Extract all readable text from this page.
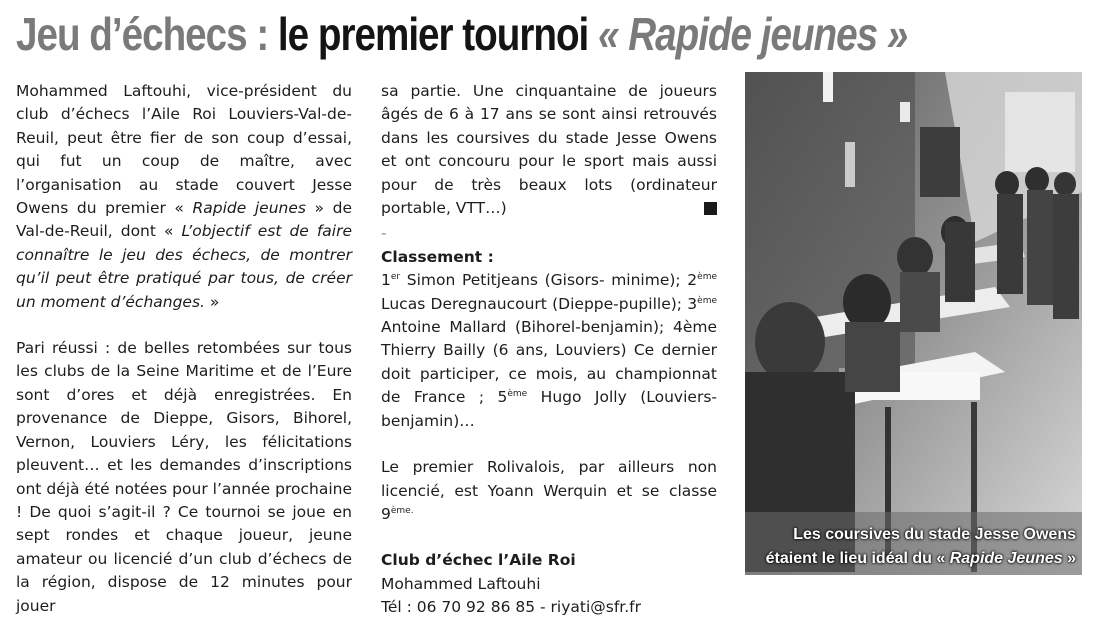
Jeu d’échecs : le premier tournoi « Rapide jeunes »

Mohammed Laftouhi, vice-président du club d’échecs l’Aile Roi Louviers-Val-de-Reuil, peut être fier de son coup d’essai, qui fut un coup de maître, avec l’organisation au stade couvert Jesse Owens du premier « Rapide jeunes » de Val-de-Reuil, dont « L’objectif est de faire connaître le jeu des échecs, de montrer qu’il peut être pratiqué par tous, de créer un moment d’échanges. »

Pari réussi : de belles retombées sur tous les clubs de la Seine Maritime et de l’Eure sont d’ores et déjà enregistrées. En provenance de Dieppe, Gisors, Bihorel, Vernon, Louviers Léry, les félicitations pleuvent… et les demandes d’inscriptions ont déjà été notées pour l’année prochaine ! De quoi s’agit-il ? Ce tournoi se joue en sept rondes et chaque joueur, jeune amateur ou licencié d’un club d’échecs de la région, dispose de 12 minutes pour jouer

sa partie. Une cinquantaine de joueurs âgés de 6 à 17 ans se sont ainsi retrouvés dans les coursives du stade Jesse Owens et ont concouru pour le sport mais aussi pour de très beaux lots (ordinateur portable, VTT…)

-

Classement :

1er Simon Petitjeans (Gisors- minime); 2ème Lucas Deregnaucourt (Dieppe-pupille); 3ème Antoine Mallard (Bihorel-benjamin); 4ème Thierry Bailly (6 ans, Louviers) Ce dernier doit participer, ce mois, au championnat de France ; 5ème Hugo Jolly (Louviers-benjamin)…

Le premier Rolivalois, par ailleurs non licencié, est Yoann Werquin et se classe $9^{ème.}$

Club d’échec l’Aile Roi

Mohammed Laftouhi

Tél : 06 70 92 86 85 - riyati@sfr.fr

Les coursives du stade Jesse Owens étaient le lieu idéal du « Rapide Jeunes »
